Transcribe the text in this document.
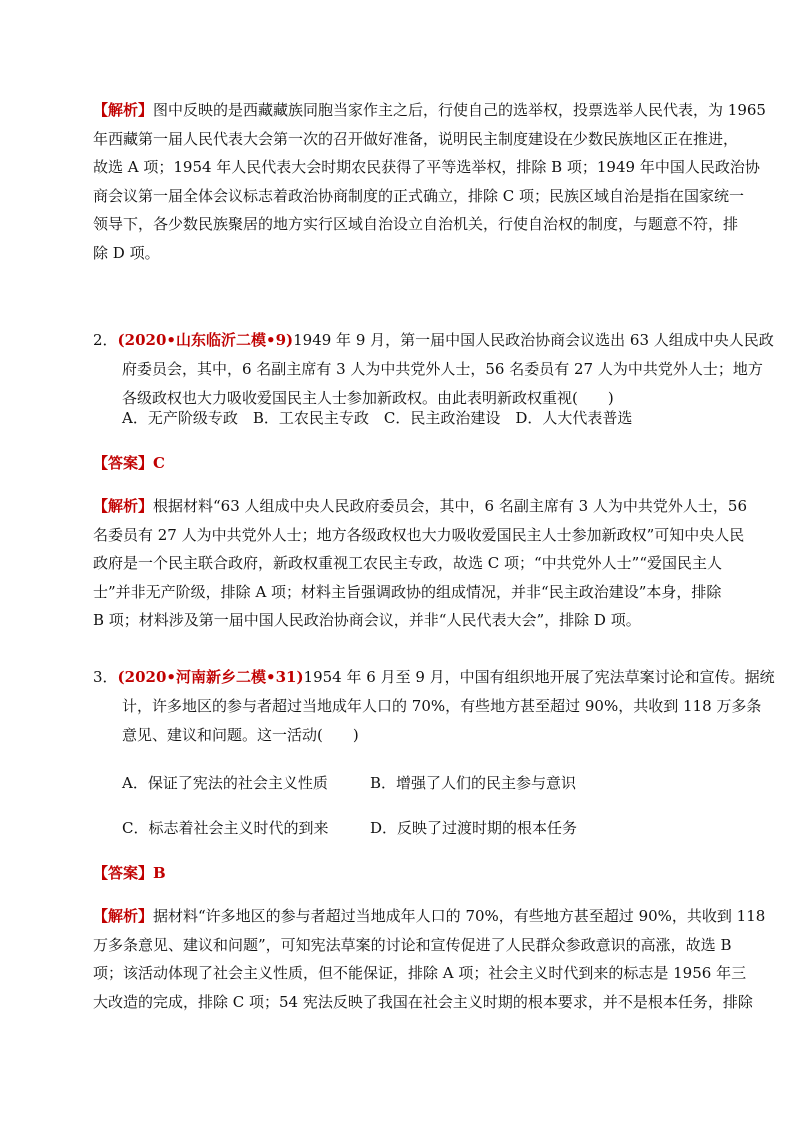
【解析】图中反映的是西藏藏族同胞当家作主之后，行使自己的选举权，投票选举人民代表，为 1965
年西藏第一届人民代表大会第一次的召开做好准备，说明民主制度建设在少数民族地区正在推进，
故选 A 项；1954 年人民代表大会时期农民获得了平等选举权，排除 B 项；1949 年中国人民政治协
商会议第一届全体会议标志着政治协商制度的正式确立，排除 C 项；民族区域自治是指在国家统一
领导下，各少数民族聚居的地方实行区域自治设立自治机关，行使自治权的制度，与题意不符，排
除 D 项。
2．(2020•山东临沂二模•9)1949 年 9 月，第一届中国人民政治协商会议选出 63 人组成中央人民政
府委员会，其中，6 名副主席有 3 人为中共党外人士，56 名委员有 27 人为中共党外人士；地方
各级政权也大力吸收爱国民主人士参加新政权。由此表明新政权重视(　　)
A．无产阶级专政　B．工农民主专政　C．民主政治建设　D．人大代表普选
【答案】C
【解析】根据材料“63 人组成中央人民政府委员会，其中，6 名副主席有 3 人为中共党外人士，56
名委员有 27 人为中共党外人士；地方各级政权也大力吸收爱国民主人士参加新政权”可知中央人民
政府是一个民主联合政府，新政权重视工农民主专政，故选 C 项；“中共党外人士”“爱国民主人
士”并非无产阶级，排除 A 项；材料主旨强调政协的组成情况，并非“民主政治建设”本身，排除
B 项；材料涉及第一届中国人民政治协商会议，并非“人民代表大会”，排除 D 项。
3．(2020•河南新乡二模•31)1954 年 6 月至 9 月，中国有组织地开展了宪法草案讨论和宣传。据统
计，许多地区的参与者超过当地成年人口的 70%，有些地方甚至超过 90%，共收到 118 万多条
意见、建议和问题。这一活动(　　)
A．保证了宪法的社会主义性质	B．增强了人们的民主参与意识
C．标志着社会主义时代的到来	D．反映了过渡时期的根本任务
【答案】B
【解析】据材料“许多地区的参与者超过当地成年人口的 70%，有些地方甚至超过 90%，共收到 118
万多条意见、建议和问题”，可知宪法草案的讨论和宣传促进了人民群众参政意识的高涨，故选 B
项；该活动体现了社会主义性质，但不能保证，排除 A 项；社会主义时代到来的标志是 1956 年三
大改造的完成，排除 C 项；54 宪法反映了我国在社会主义时期的根本要求，并不是根本任务，排除
